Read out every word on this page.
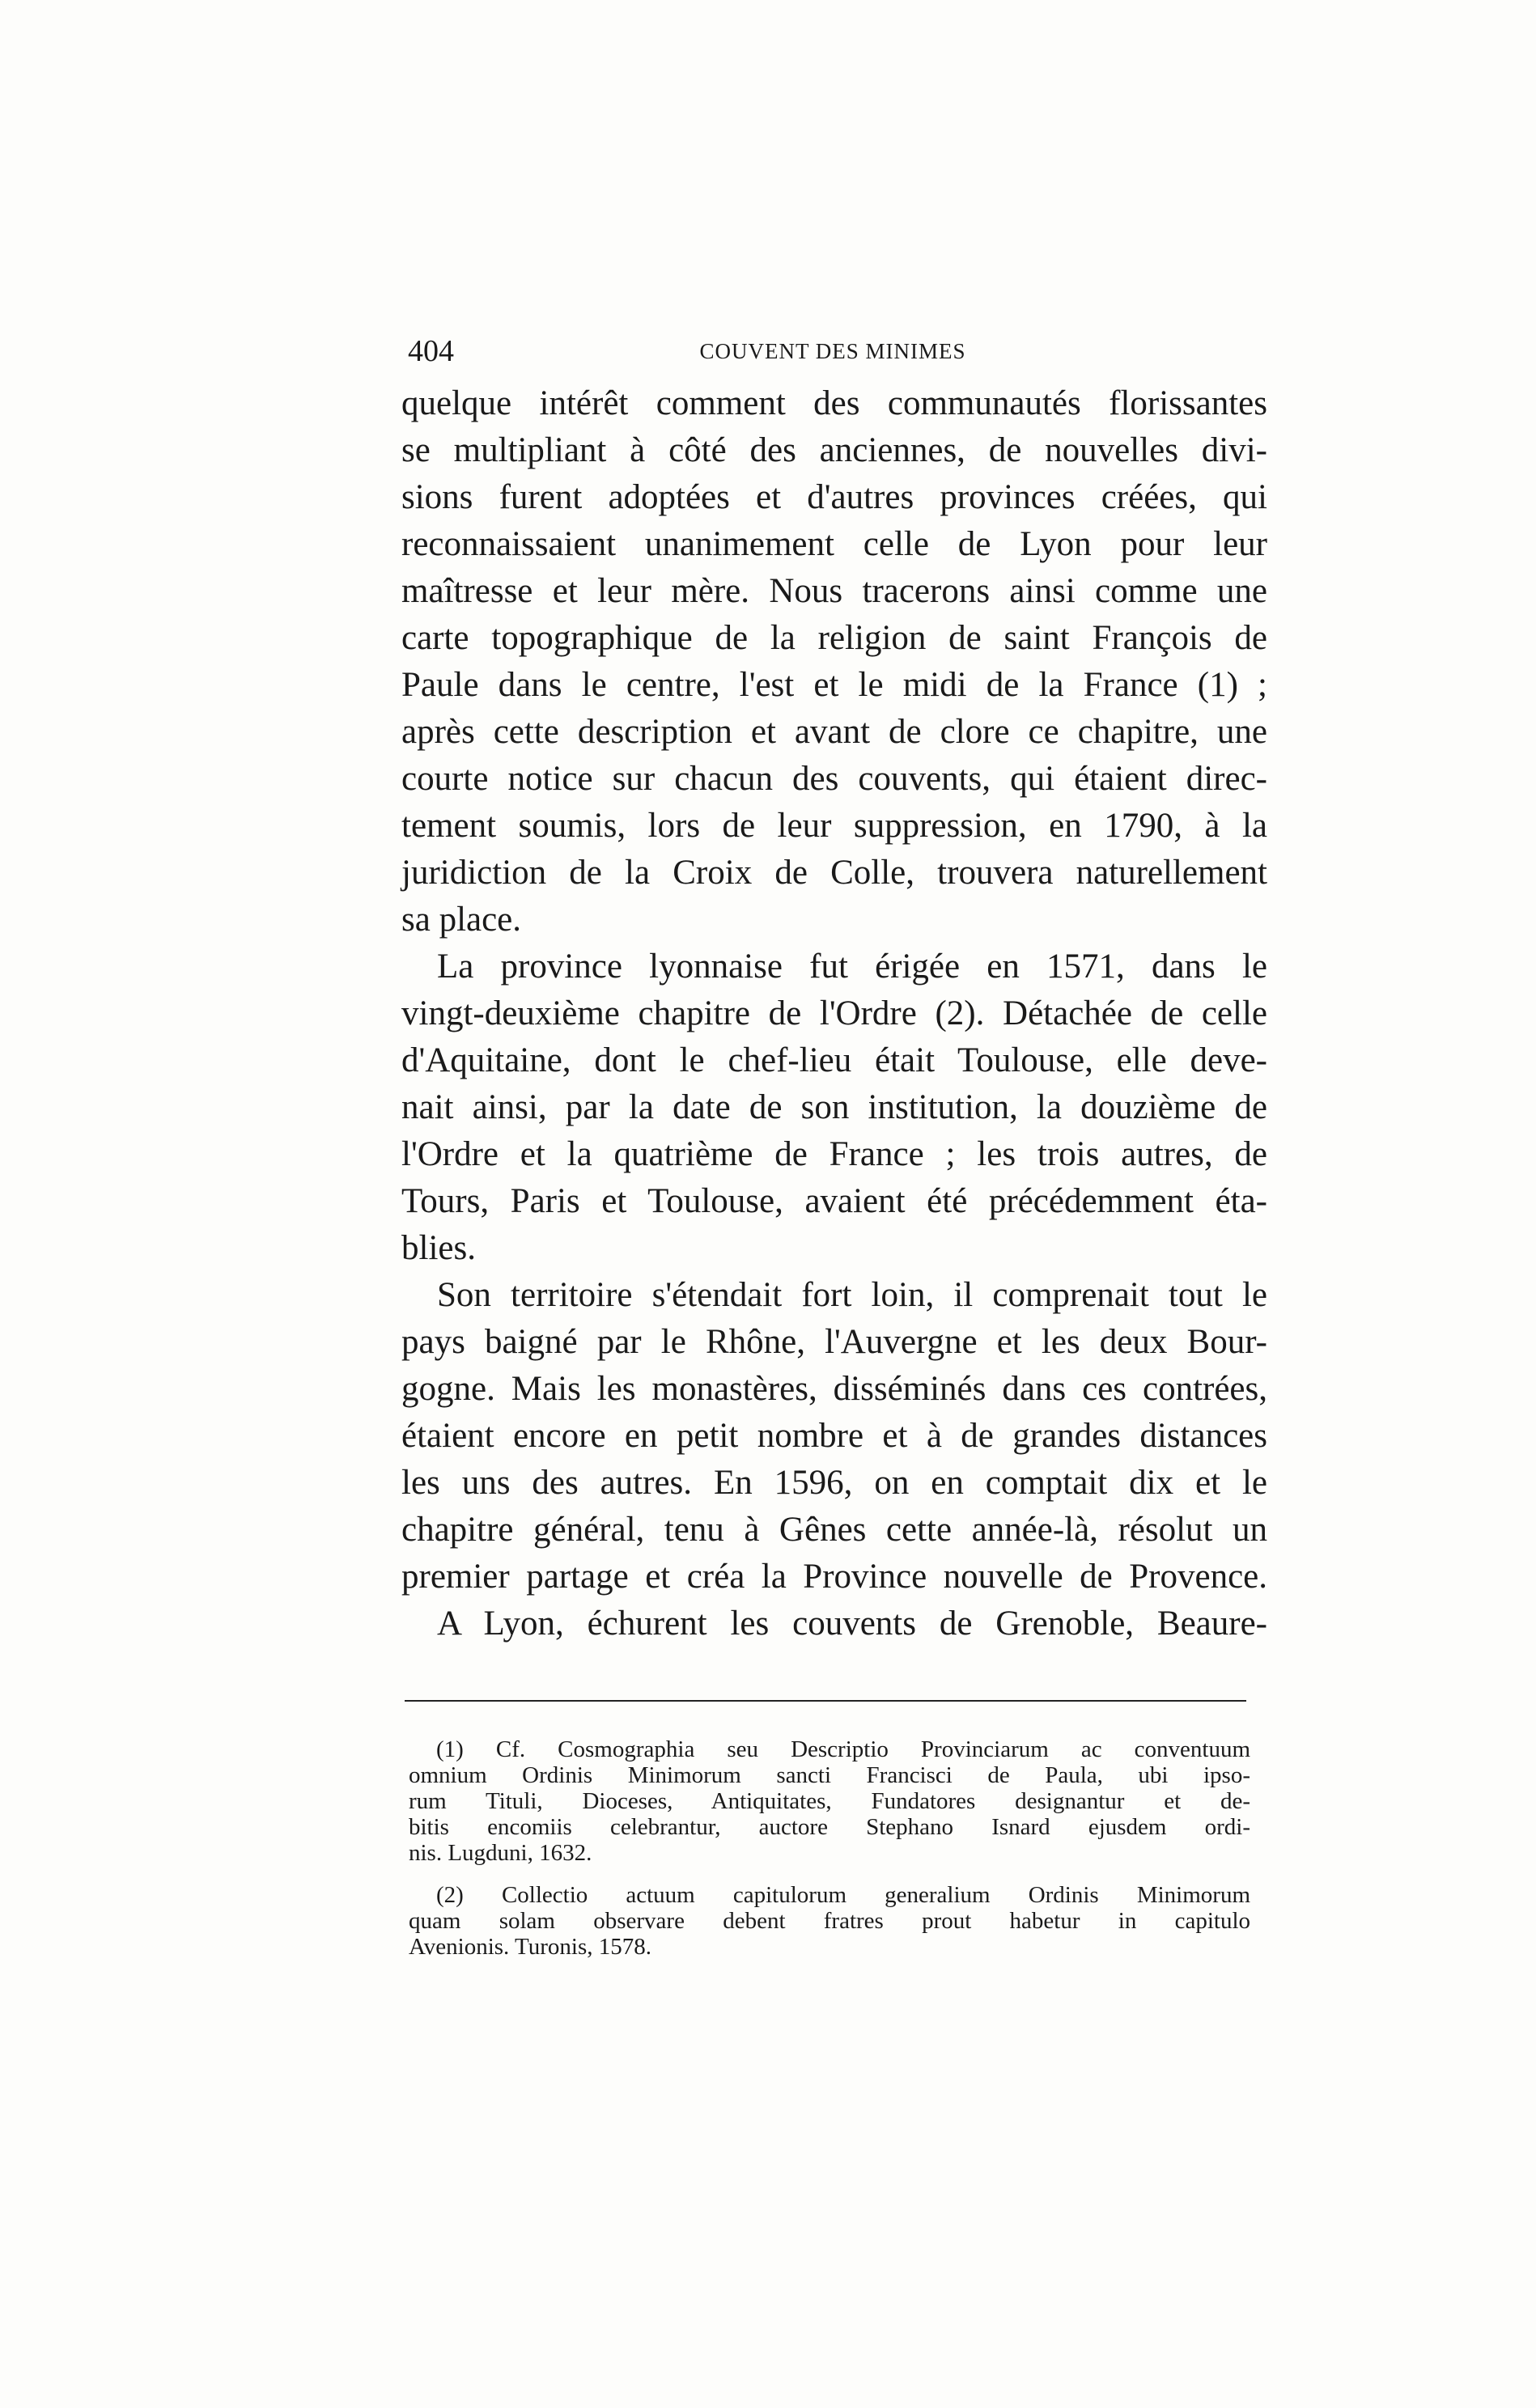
404	COUVENT DES MINIMES
quelque intérêt comment des communautés florissantes
se multipliant à côté des anciennes, de nouvelles divi-
sions furent adoptées et d'autres provinces créées, qui
reconnaissaient unanimement celle de Lyon pour leur
maîtresse et leur mère. Nous tracerons ainsi comme une
carte topographique de la religion de saint François de
Paule dans le centre, l'est et le midi de la France (1) ;
après cette description et avant de clore ce chapitre, une
courte notice sur chacun des couvents, qui étaient direc-
tement soumis, lors de leur suppression, en 1790, à la
juridiction de la Croix de Colle, trouvera naturellement
sa place.
La province lyonnaise fut érigée en 1571, dans le
vingt-deuxième chapitre de l'Ordre (2). Détachée de celle
d'Aquitaine, dont le chef-lieu était Toulouse, elle deve-
nait ainsi, par la date de son institution, la douzième de
l'Ordre et la quatrième de France ; les trois autres, de
Tours, Paris et Toulouse, avaient été précédemment éta-
blies.
Son territoire s'étendait fort loin, il comprenait tout le
pays baigné par le Rhône, l'Auvergne et les deux Bour-
gogne. Mais les monastères, disséminés dans ces contrées,
étaient encore en petit nombre et à de grandes distances
les uns des autres. En 1596, on en comptait dix et le
chapitre général, tenu à Gênes cette année-là, résolut un
premier partage et créa la Province nouvelle de Provence.
A Lyon, échurent les couvents de Grenoble, Beaure-
(1) Cf. Cosmographia seu Descriptio Provinciarum ac conventuum
omnium Ordinis Minimorum sancti Francisci de Paula, ubi ipso-
rum Tituli, Dioceses, Antiquitates, Fundatores designantur et de-
bitis encomiis celebrantur, auctore Stephano Isnard ejusdem ordi-
nis. Lugduni, 1632.
(2) Collectio actuum capitulorum generalium Ordinis Minimorum
quam solam observare debent fratres prout habetur in capitulo
Avenionis. Turonis, 1578.
